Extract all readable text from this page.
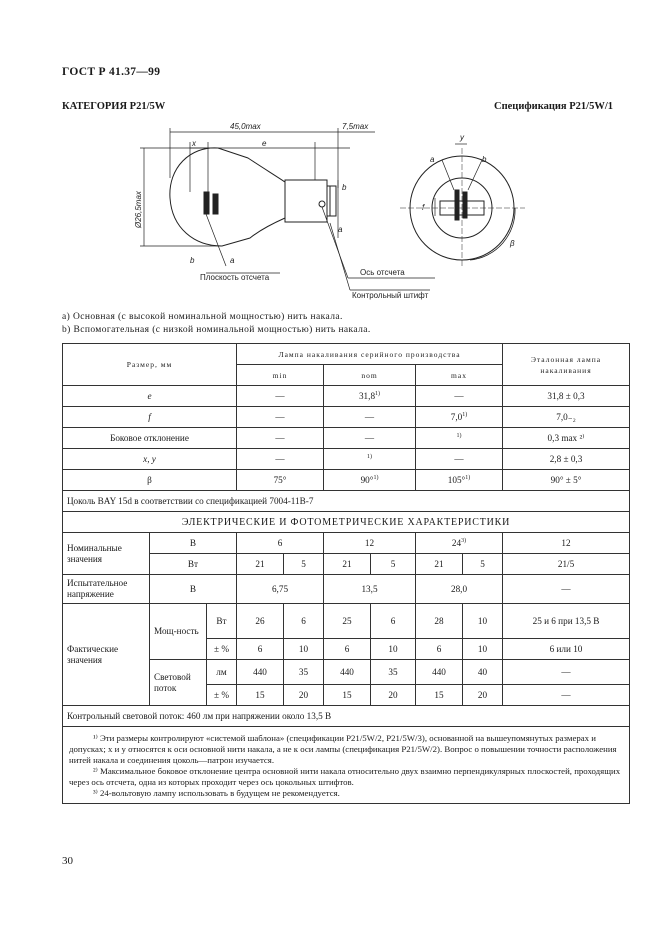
ГОСТ Р 41.37—99
КАТЕГОРИЯ P21/5W	Спецификация P21/5W/1
45,0max	7,5max
x	e
Ø26,5max
b	a
a
b
Плоскость отсчета
Ось отсчета
Контрольный штифт
y
f
a	b
β
a) Основная (с высокой номинальной мощностью) нить накала.
b) Вспомогательная (с низкой номинальной мощностью) нить накала.
Размер, мм			Лампа накаливания серийного производства						Эталонная лампа накаливания
			min		nom		max		
e			—		31,8$^{1)}$		—		31,8 ± 0,3
f			—		—		7,0$^{1)}$		7,0₋₂
Боковое отклонение			—		—		$^{1)}$		0,3 max ²⁾
x, y			—		$^{1)}$		—		2,8 ± 0,3
β			75°		90°$^{1)}$		105°$^{1)}$		90° ± 5°
Цоколь BAY 15d в соответствии со спецификацией 7004-11B-7									
ЭЛЕКТРИЧЕСКИЕ И ФОТОМЕТРИЧЕСКИЕ ХАРАКТЕРИСТИКИ									
Номинальные значения	В		6		12		24$^{3)}$		12
	Вт		21	5	21	5	21	5	21/5
Испытательное напряжение	В		6,75		13,5		28,0		—
Фактические значения	Мощ-ность	Вт	26	6	25	6	28	10	25 и 6 при 13,5 В
		± %	6	10	6	10	6	10	6 или 10
	Световой поток	лм	440	35	440	35	440	40	—
		± %	15	20	15	20	15	20	—
Контрольный световой поток: 460 лм при напряжении около 13,5 В									

¹⁾ Эти размеры контролируют «системой шаблона» (спецификации P21/5W/2, P21/5W/3), основанной на вышеупомянутых размерах и допусках; x и y относятся к оси основной нити накала, а не к оси лампы (спецификация P21/5W/2). Вопрос о повышении точности расположения нитей накала и соединения цоколь—патрон изучается.

²⁾ Максимальное боковое отклонение центра основной нити накала относительно двух взаимно перпендикулярных плоскостей, проходящих через ось отсчета, одна из которых проходит через ось цокольных штифтов.

³⁾ 24-вольтовую лампу использовать в будущем не рекомендуется.									

30
